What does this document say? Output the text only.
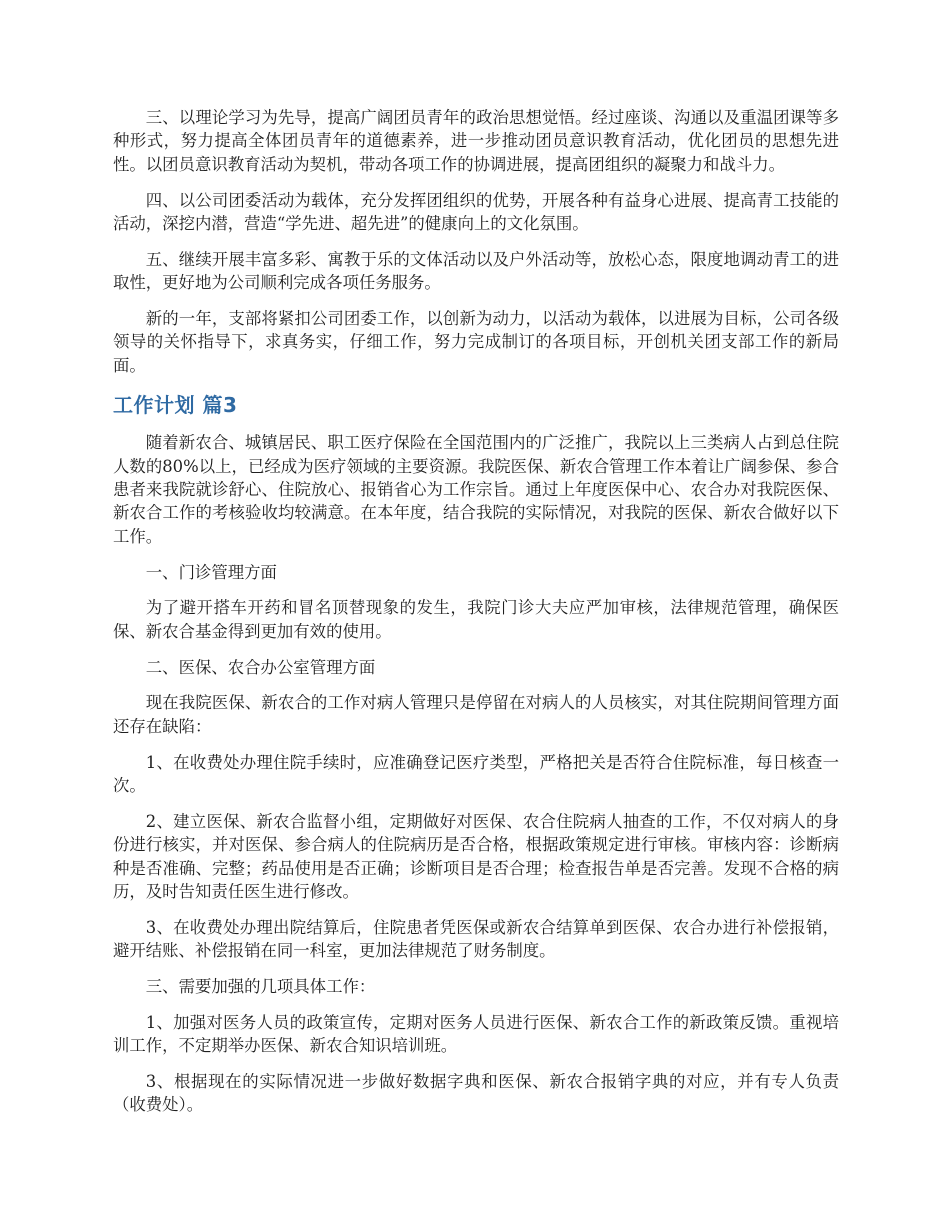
三、以理论学习为先导，提高广阔团员青年的政治思想觉悟。经过座谈、沟通以及重温团课等多种形式，努力提高全体团员青年的道德素养，进一步推动团员意识教育活动，优化团员的思想先进性。以团员意识教育活动为契机，带动各项工作的协调进展，提高团组织的凝聚力和战斗力。

四、以公司团委活动为载体，充分发挥团组织的优势，开展各种有益身心进展、提高青工技能的活动，深挖内潜，营造“学先进、超先进”的健康向上的文化氛围。

五、继续开展丰富多彩、寓教于乐的文体活动以及户外活动等，放松心态，限度地调动青工的进取性，更好地为公司顺利完成各项任务服务。

新的一年，支部将紧扣公司团委工作，以创新为动力，以活动为载体，以进展为目标，公司各级领导的关怀指导下，求真务实，仔细工作，努力完成制订的各项目标，开创机关团支部工作的新局面。

工作计划 篇3

随着新农合、城镇居民、职工医疗保险在全国范围内的广泛推广，我院以上三类病人占到总住院人数的80%以上，已经成为医疗领域的主要资源。我院医保、新农合管理工作本着让广阔参保、参合患者来我院就诊舒心、住院放心、报销省心为工作宗旨。通过上年度医保中心、农合办对我院医保、新农合工作的考核验收均较满意。在本年度，结合我院的实际情况，对我院的医保、新农合做好以下工作。

一、门诊管理方面

为了避开搭车开药和冒名顶替现象的发生，我院门诊大夫应严加审核，法律规范管理，确保医保、新农合基金得到更加有效的使用。

二、医保、农合办公室管理方面

现在我院医保、新农合的工作对病人管理只是停留在对病人的人员核实，对其住院期间管理方面还存在缺陷：

1、在收费处办理住院手续时，应准确登记医疗类型，严格把关是否符合住院标准，每日核查一次。

2、建立医保、新农合监督小组，定期做好对医保、农合住院病人抽查的工作，不仅对病人的身份进行核实，并对医保、参合病人的住院病历是否合格，根据政策规定进行审核。审核内容：诊断病种是否准确、完整；药品使用是否正确；诊断项目是否合理；检查报告单是否完善。发现不合格的病历，及时告知责任医生进行修改。

3、在收费处办理出院结算后，住院患者凭医保或新农合结算单到医保、农合办进行补偿报销，避开结账、补偿报销在同一科室，更加法律规范了财务制度。

三、需要加强的几项具体工作：

1、加强对医务人员的政策宣传，定期对医务人员进行医保、新农合工作的新政策反馈。重视培训工作，不定期举办医保、新农合知识培训班。

3、根据现在的实际情况进一步做好数据字典和医保、新农合报销字典的对应，并有专人负责（收费处）。
